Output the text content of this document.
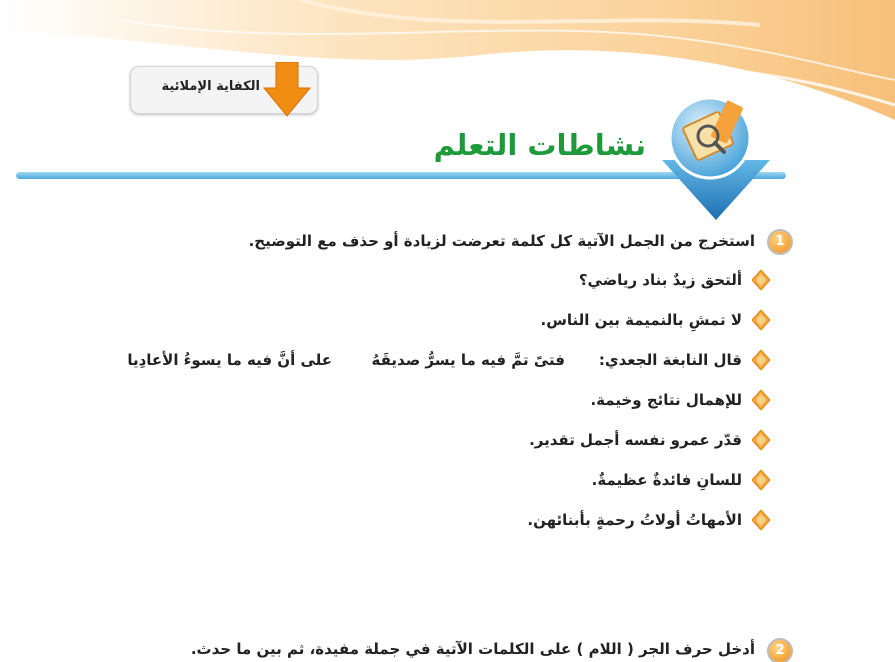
الكفاية الإملائية
نشاطات التعلم
1
استخرج من الجمل الآتية كل كلمة تعرضت لزيادة أو حذف مع التوضيح.
ألتحق زيدٌ بناد رياضي؟
لا تمشِ بالنميمة بين الناس.
قال النابغة الجعدي:
فتىً تمَّ فيه ما يسرُّ صديقَهُ
على أنَّ فيه ما يسوءُ الأعادِيا
للإهمال نتائج وخيمة.
قدّر عمرو نفسه أجمل تقدير.
للسانِ فائدةٌ عظيمةٌ.
الأمهاتُ أولاتُ رحمةٍ بأبنائهن.
2
أدخل حرف الجر ( اللام ) على الكلمات الآتية في جملة مفيدة، ثم بين ما حدث.
